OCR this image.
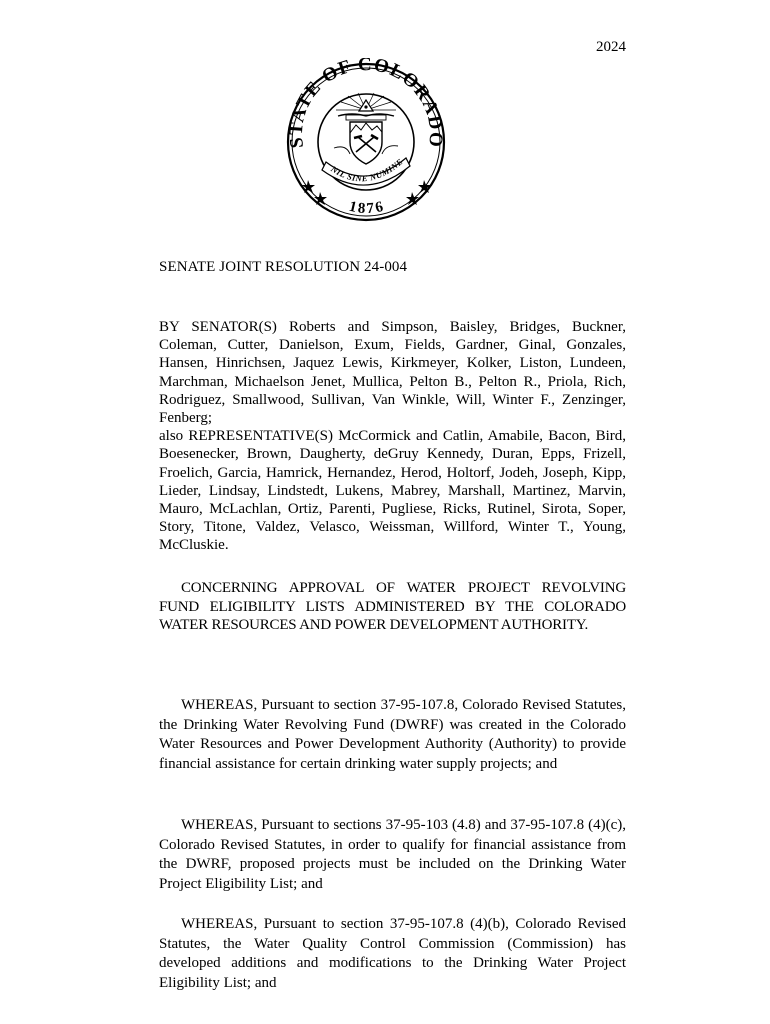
2024
STATE OF COLORADO
1876
NIL SINE NUMINE
SENATE JOINT RESOLUTION 24-004

BY SENATOR(S) Roberts and Simpson, Baisley, Bridges, Buckner, Coleman, Cutter, Danielson, Exum, Fields, Gardner, Ginal, Gonzales, Hansen, Hinrichsen, Jaquez Lewis, Kirkmeyer, Kolker, Liston, Lundeen, Marchman, Michaelson Jenet, Mullica, Pelton B., Pelton R., Priola, Rich, Rodriguez, Smallwood, Sullivan, Van Winkle, Will, Winter F., Zenzinger, Fenberg;

also REPRESENTATIVE(S) McCormick and Catlin, Amabile, Bacon, Bird, Boesenecker, Brown, Daugherty, deGruy Kennedy, Duran, Epps, Frizell, Froelich, Garcia, Hamrick, Hernandez, Herod, Holtorf, Jodeh, Joseph, Kipp, Lieder, Lindsay, Lindstedt, Lukens, Mabrey, Marshall, Martinez, Marvin, Mauro, McLachlan, Ortiz, Parenti, Pugliese, Ricks, Rutinel, Sirota, Soper, Story, Titone, Valdez, Velasco, Weissman, Willford, Winter T., Young, McCluskie.

CONCERNING APPROVAL OF WATER PROJECT REVOLVING FUND ELIGIBILITY LISTS ADMINISTERED BY THE COLORADO WATER RESOURCES AND POWER DEVELOPMENT AUTHORITY.

WHEREAS, Pursuant to section 37-95-107.8, Colorado Revised Statutes, the Drinking Water Revolving Fund (DWRF) was created in the Colorado Water Resources and Power Development Authority (Authority) to provide financial assistance for certain drinking water supply projects; and

WHEREAS, Pursuant to sections 37-95-103 (4.8) and 37-95-107.8 (4)(c), Colorado Revised Statutes, in order to qualify for financial assistance from the DWRF, proposed projects must be included on the Drinking Water Project Eligibility List; and

WHEREAS, Pursuant to section 37-95-107.8 (4)(b), Colorado Revised Statutes, the Water Quality Control Commission (Commission) has developed additions and modifications to the Drinking Water Project Eligibility List; and
